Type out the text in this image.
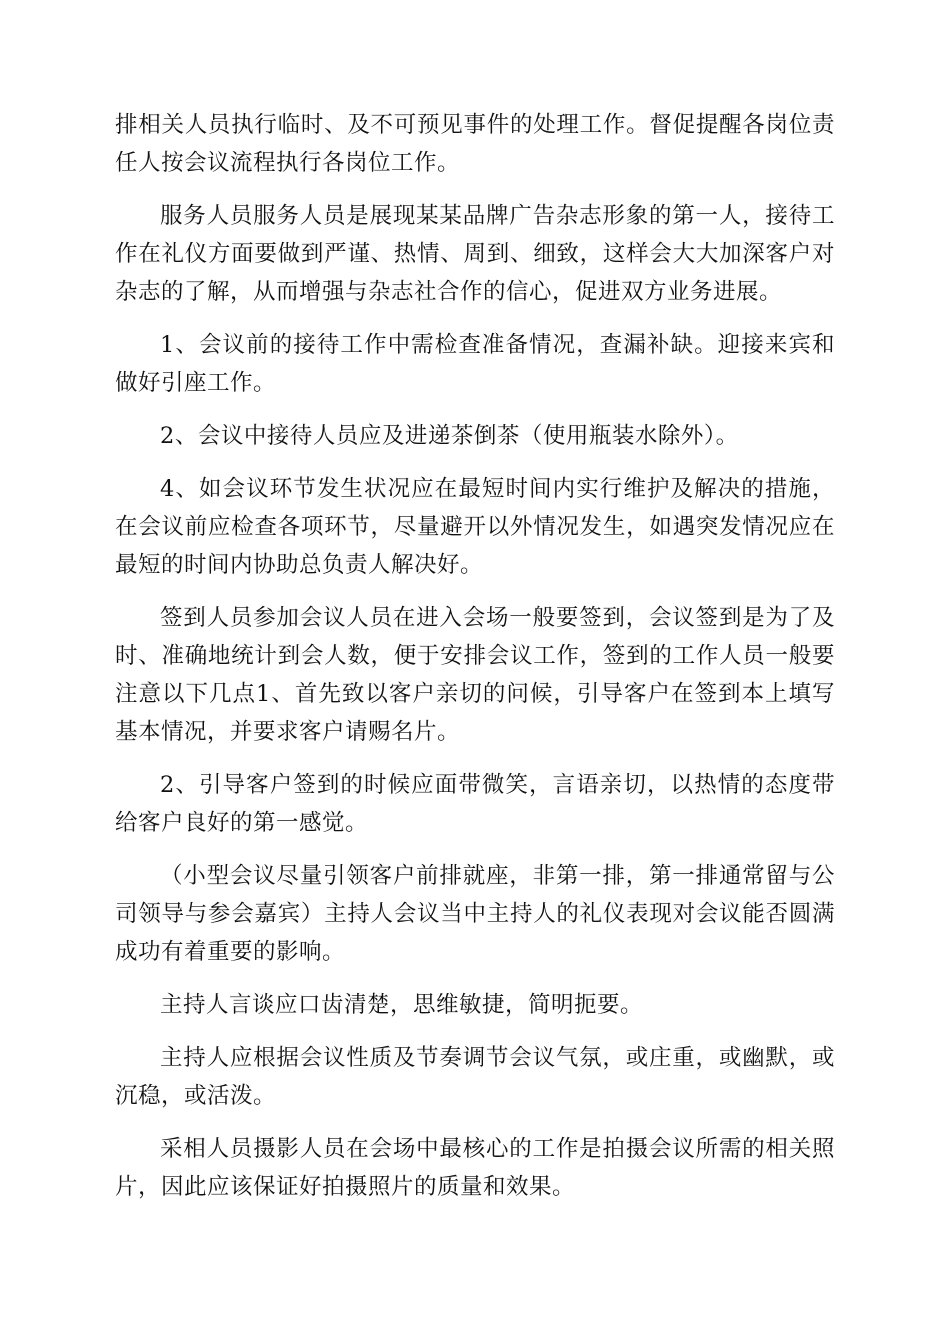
排相关人员执行临时、及不可预见事件的处理工作。督促提醒各岗位责任人按会议流程执行各岗位工作。

服务人员服务人员是展现某某品牌广告杂志形象的第一人，接待工作在礼仪方面要做到严谨、热情、周到、细致，这样会大大加深客户对杂志的了解，从而增强与杂志社合作的信心，促进双方业务进展。

1、会议前的接待工作中需检查准备情况，查漏补缺。迎接来宾和做好引座工作。

2、会议中接待人员应及进递茶倒茶（使用瓶装水除外）。

4、如会议环节发生状况应在最短时间内实行维护及解决的措施，在会议前应检查各项环节，尽量避开以外情况发生，如遇突发情况应在最短的时间内协助总负责人解决好。

签到人员参加会议人员在进入会场一般要签到，会议签到是为了及时、准确地统计到会人数，便于安排会议工作，签到的工作人员一般要注意以下几点1、首先致以客户亲切的问候，引导客户在签到本上填写基本情况，并要求客户请赐名片。

2、引导客户签到的时候应面带微笑，言语亲切，以热情的态度带给客户良好的第一感觉。

（小型会议尽量引领客户前排就座，非第一排，第一排通常留与公司领导与参会嘉宾）主持人会议当中主持人的礼仪表现对会议能否圆满成功有着重要的影响。

主持人言谈应口齿清楚，思维敏捷，简明扼要。

主持人应根据会议性质及节奏调节会议气氛，或庄重，或幽默，或沉稳，或活泼。

采相人员摄影人员在会场中最核心的工作是拍摄会议所需的相关照片，因此应该保证好拍摄照片的质量和效果。
